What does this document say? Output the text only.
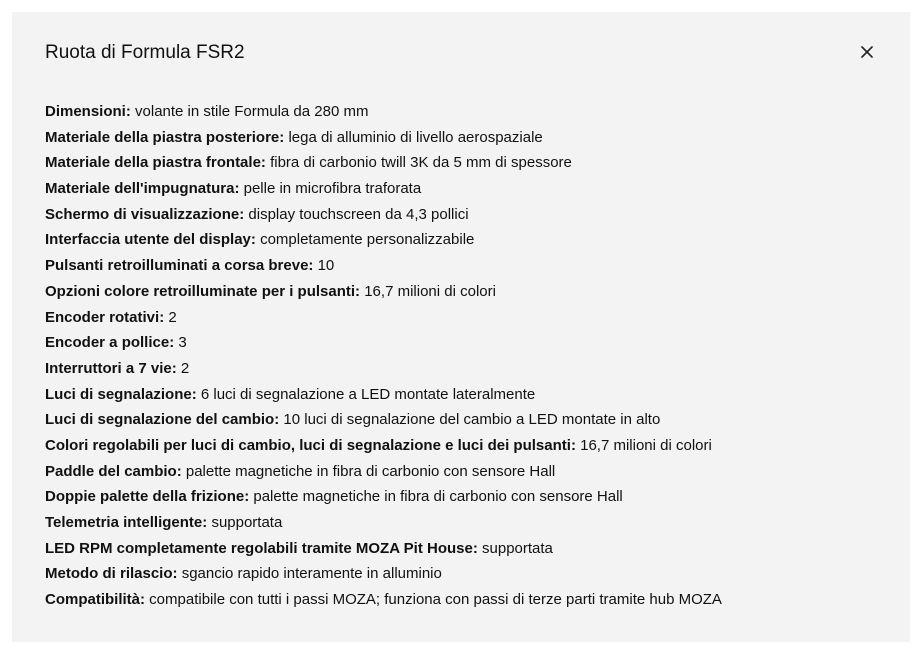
Ruota di Formula FSR2
Dimensioni: volante in stile Formula da 280 mm
Materiale della piastra posteriore: lega di alluminio di livello aerospaziale
Materiale della piastra frontale: fibra di carbonio twill 3K da 5 mm di spessore
Materiale dell'impugnatura: pelle in microfibra traforata
Schermo di visualizzazione: display touchscreen da 4,3 pollici
Interfaccia utente del display: completamente personalizzabile
Pulsanti retroilluminati a corsa breve: 10
Opzioni colore retroilluminate per i pulsanti: 16,7 milioni di colori
Encoder rotativi: 2
Encoder a pollice: 3
Interruttori a 7 vie: 2
Luci di segnalazione: 6 luci di segnalazione a LED montate lateralmente
Luci di segnalazione del cambio: 10 luci di segnalazione del cambio a LED montate in alto
Colori regolabili per luci di cambio, luci di segnalazione e luci dei pulsanti: 16,7 milioni di colori
Paddle del cambio: palette magnetiche in fibra di carbonio con sensore Hall
Doppie palette della frizione: palette magnetiche in fibra di carbonio con sensore Hall
Telemetria intelligente: supportata
LED RPM completamente regolabili tramite MOZA Pit House: supportata
Metodo di rilascio: sgancio rapido interamente in alluminio
Compatibilità: compatibile con tutti i passi MOZA; funziona con passi di terze parti tramite hub MOZA
